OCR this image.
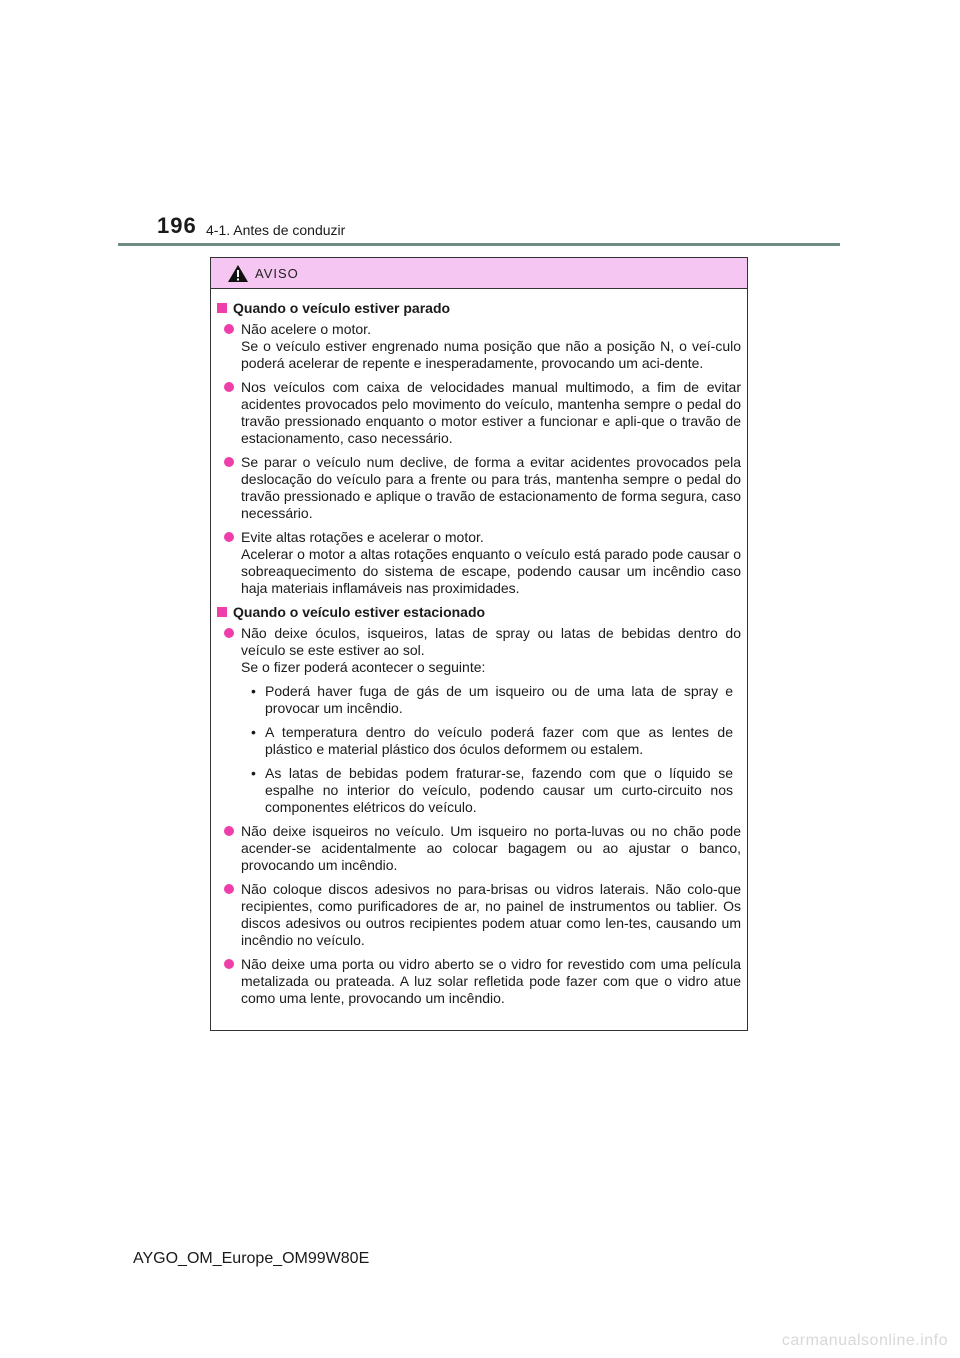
196 4-1. Antes de conduzir
AVISO
Quando o veículo estiver parado

Não acelere o motor.

Se o veículo estiver engrenado numa posição que não a posição N, o veí-culo poderá acelerar de repente e inesperadamente, provocando um aci-dente.

Nos veículos com caixa de velocidades manual multimodo, a fim de evitar acidentes provocados pelo movimento do veículo, mantenha sempre o pedal do travão pressionado enquanto o motor estiver a funcionar e apli-que o travão de estacionamento, caso necessário.

Se parar o veículo num declive, de forma a evitar acidentes provocados pela deslocação do veículo para a frente ou para trás, mantenha sempre o pedal do travão pressionado e aplique o travão de estacionamento de forma segura, caso necessário.

Evite altas rotações e acelerar o motor.

Acelerar o motor a altas rotações enquanto o veículo está parado pode causar o sobreaquecimento do sistema de escape, podendo causar um incêndio caso haja materiais inflamáveis nas proximidades.

Quando o veículo estiver estacionado

Não deixe óculos, isqueiros, latas de spray ou latas de bebidas dentro do veículo se este estiver ao sol.

Se o fizer poderá acontecer o seguinte:

• Poderá haver fuga de gás de um isqueiro ou de uma lata de spray e provocar um incêndio.
• A temperatura dentro do veículo poderá fazer com que as lentes de plástico e material plástico dos óculos deformem ou estalem.
• As latas de bebidas podem fraturar-se, fazendo com que o líquido se espalhe no interior do veículo, podendo causar um curto-circuito nos componentes elétricos do veículo.

Não deixe isqueiros no veículo. Um isqueiro no porta-luvas ou no chão pode acender-se acidentalmente ao colocar bagagem ou ao ajustar o banco, provocando um incêndio.

Não coloque discos adesivos no para-brisas ou vidros laterais. Não colo-que recipientes, como purificadores de ar, no painel de instrumentos ou tablier. Os discos adesivos ou outros recipientes podem atuar como len-tes, causando um incêndio no veículo.

Não deixe uma porta ou vidro aberto se o vidro for revestido com uma película metalizada ou prateada. A luz solar refletida pode fazer com que o vidro atue como uma lente, provocando um incêndio.

AYGO_OM_Europe_OM99W80E
carmanualsonline.info
